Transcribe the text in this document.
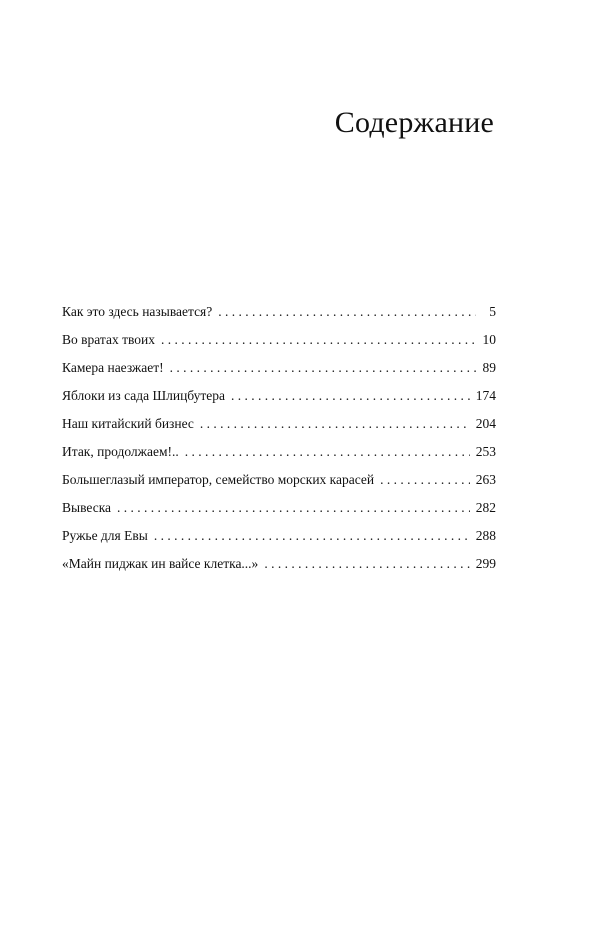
Содержание
Как это здесь называется? . . .	5
Во вратах твоих . . .	10
Камера наезжает! . . .	89
Яблоки из сада Шлицбутера . . .	174
Наш китайский бизнес . . .	204
Итак, продолжаем!.. . . .	253
Большеглазый император, семейство морских карасей . . .	263
Вывеска . . .	282
Ружье для Евы . . .	288
«Майн пиджак ин вайсе клетка...» . . .	299
